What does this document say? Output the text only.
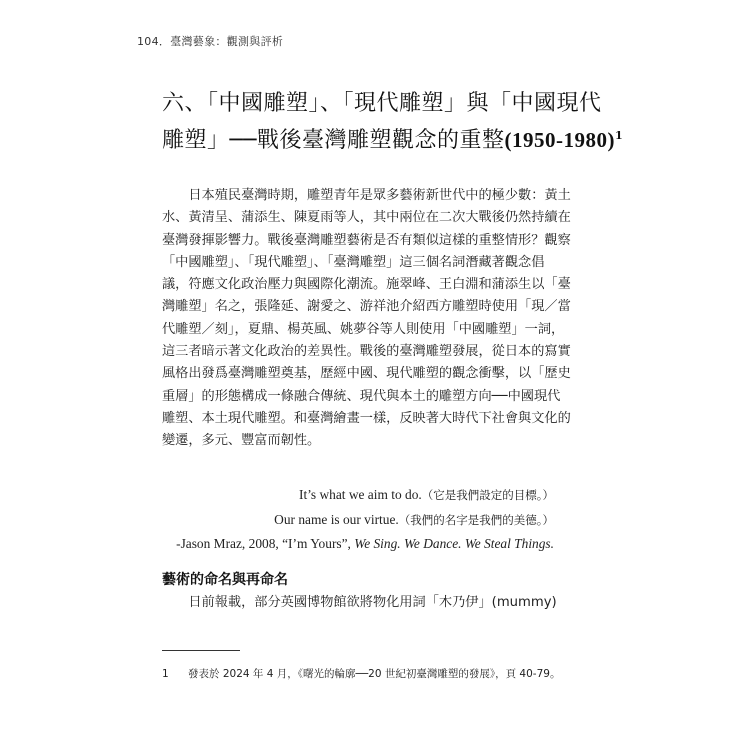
104．臺灣藝象：觀測與評析
六、「中國雕塑」、「現代雕塑」與「中國現代
雕塑」──戰後臺灣雕塑觀念的重整(1950-1980)$^1$
　　日本殖民臺灣時期，雕塑青年是眾多藝術新世代中的極少數：黃土
水、黃清呈、蒲添生、陳夏雨等人，其中兩位在二次大戰後仍然持續在
臺灣發揮影響力。戰後臺灣雕塑藝術是否有類似這樣的重整情形？觀察
「中國雕塑」、「現代雕塑」、「臺灣雕塑」這三個名詞潛藏著觀念倡
議，符應文化政治壓力與國際化潮流。施翠峰、王白淵和蒲添生以「臺
灣雕塑」名之，張隆延、謝愛之、游祥池介紹西方雕塑時使用「現／當
代雕塑／刻」，夏鼎、楊英風、姚夢谷等人則使用「中國雕塑」一詞，
這三者暗示著文化政治的差異性。戰後的臺灣雕塑發展，從日本的寫實
風格出發爲臺灣雕塑奠基，歷經中國、現代雕塑的觀念衝擊，以「歷史
重層」的形態構成一條融合傳統、現代與本土的雕塑方向──中國現代
雕塑、本土現代雕塑。和臺灣繪畫一樣，反映著大時代下社會與文化的
變遷，多元、豐富而韌性。
It’s what we aim to do.（它是我們設定的目標。）
Our name is our virtue.（我們的名字是我們的美德。）
-Jason Mraz, 2008, “I’m Yours”, We Sing. We Dance. We Steal Things.
藝術的命名與再命名
　　日前報載，部分英國博物館欲將物化用詞「木乃伊」(mummy)
1 發表於 2024 年 4 月，《曙光的輪廓──20 世紀初臺灣雕塑的發展》，頁 40-79。
